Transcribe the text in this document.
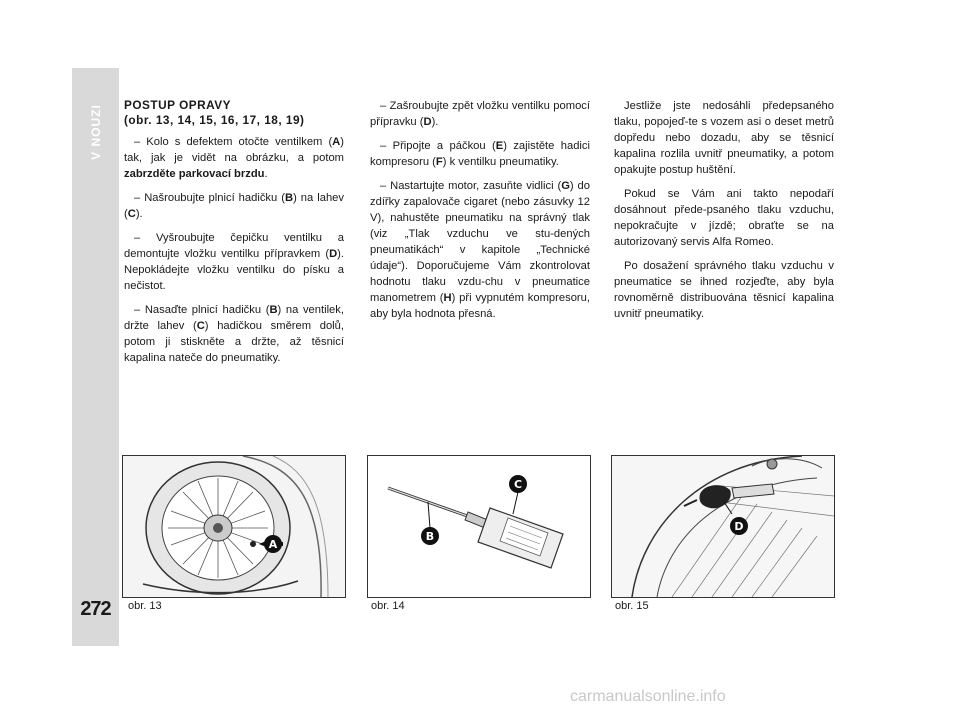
V NOUZI
272
POSTUP OPRAVY
(obr. 13, 14, 15, 16, 17, 18, 19)

– Kolo s defektem otočte ventilkem (A) tak, jak je vidět na obrázku, a potom zabrzděte parkovací brzdu.

– Našroubujte plnicí hadičku (B) na lahev (C).

– Vyšroubujte čepičku ventilku a demontujte vložku ventilku přípravkem (D). Nepokládejte vložku ventilku do písku a nečistot.

– Nasaďte plnicí hadičku (B) na ventilek, držte lahev (C) hadičkou směrem dolů, potom ji stiskněte a držte, až těsnicí kapalina nateče do pneumatiky.

– Zašroubujte zpět vložku ventilku pomocí přípravku (D).

– Připojte a páčkou (E) zajistěte hadici kompresoru (F) k ventilku pneumatiky.

– Nastartujte motor, zasuňte vidlici (G) do zdířky zapalovače cigaret (nebo zásuvky 12 V), nahustěte pneumatiku na správný tlak (viz „Tlak vzduchu ve stu-dených pneumatikách“ v kapitole „Technické údaje“). Doporučujeme Vám zkontrolovat hodnotu tlaku vzdu-chu v pneumatice manometrem (H) při vypnutém kompresoru, aby byla hodnota přesná.

Jestliže jste nedosáhli předepsaného tlaku, popojeď-te s vozem asi o deset metrů dopředu nebo dozadu, aby se těsnicí kapalina rozlila uvnitř pneumatiky, a potom opakujte postup huštění.

Pokud se Vám ani takto nepodaří dosáhnout přede-psaného tlaku vzduchu, nepokračujte v jízdě; obraťte se na autorizovaný servis Alfa Romeo.

Po dosažení správného tlaku vzduchu v pneumatice se ihned rozjeďte, aby byla rovnoměrně distribuována těsnicí kapalina uvnitř pneumatiky.

A
C
B
D
obr. 13	obr. 14	obr. 15
carmanualsonline.info
